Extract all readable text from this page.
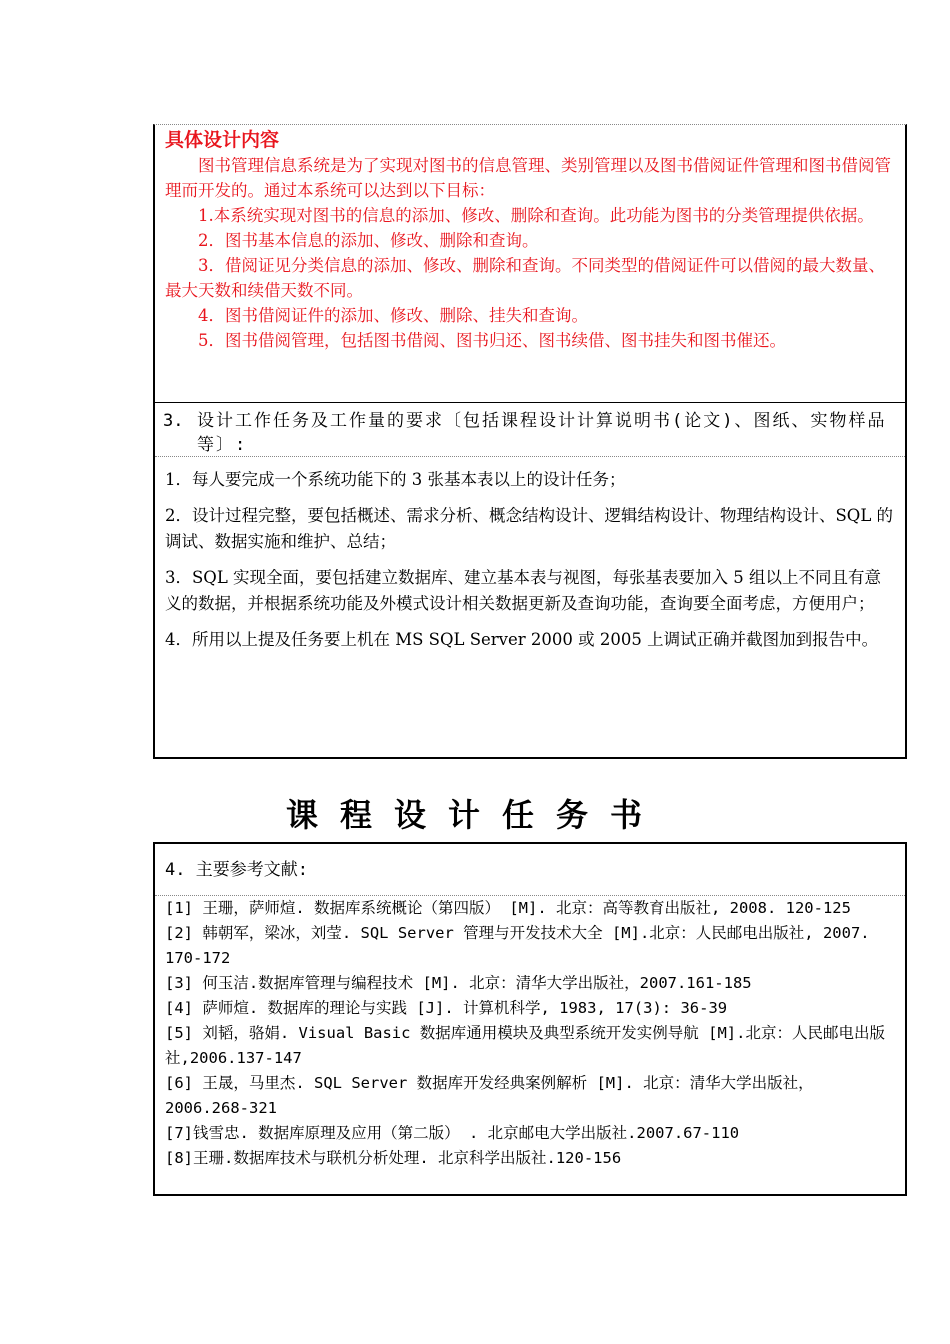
具体设计内容

图书管理信息系统是为了实现对图书的信息管理、类别管理以及图书借阅证件管理和图书借阅管理而开发的。通过本系统可以达到以下目标：

1.本系统实现对图书的信息的添加、修改、删除和查询。此功能为图书的分类管理提供依据。

2．图书基本信息的添加、修改、删除和查询。

3．借阅证见分类信息的添加、修改、删除和查询。不同类型的借阅证件可以借阅的最大数量、最大天数和续借天数不同。

4．图书借阅证件的添加、修改、删除、挂失和查询。

5．图书借阅管理，包括图书借阅、图书归还、图书续借、图书挂失和图书催还。

3. 设计工作任务及工作量的要求〔包括课程设计计算说明书(论文)、图纸、实物样品等〕:

1．每人要完成一个系统功能下的 3 张基本表以上的设计任务；

2．设计过程完整，要包括概述、需求分析、概念结构设计、逻辑结构设计、物理结构设计、SQL 的调试、数据实施和维护、总结；

3．SQL 实现全面，要包括建立数据库、建立基本表与视图，每张基表要加入 5 组以上不同且有意义的数据，并根据系统功能及外模式设计相关数据更新及查询功能，查询要全面考虑，方便用户；

4．所用以上提及任务要上机在 MS SQL Server 2000 或 2005 上调试正确并截图加到报告中。

课程设计任务书
4. 主要参考文献:

[1] 王珊，萨师煊. 数据库系统概论（第四版） [M]. 北京：高等教育出版社, 2008. 120-125

[2] 韩朝军，梁冰，刘莹. SQL Server 管理与开发技术大全 [M].北京：人民邮电出版社, 2007. 170-172

[3] 何玉洁.数据库管理与编程技术 [M]. 北京：清华大学出版社，2007.161-185

[4] 萨师煊. 数据库的理论与实践 [J]. 计算机科学, 1983, 17(3): 36-39

[5] 刘韬，骆娟. Visual Basic 数据库通用模块及典型系统开发实例导航 [M].北京：人民邮电出版社,2006.137-147

[6] 王晟，马里杰. SQL Server 数据库开发经典案例解析 [M]. 北京：清华大学出版社，2006.268-321

[7]钱雪忠. 数据库原理及应用（第二版） . 北京邮电大学出版社.2007.67-110

[8]王珊.数据库技术与联机分析处理. 北京科学出版社.120-156
